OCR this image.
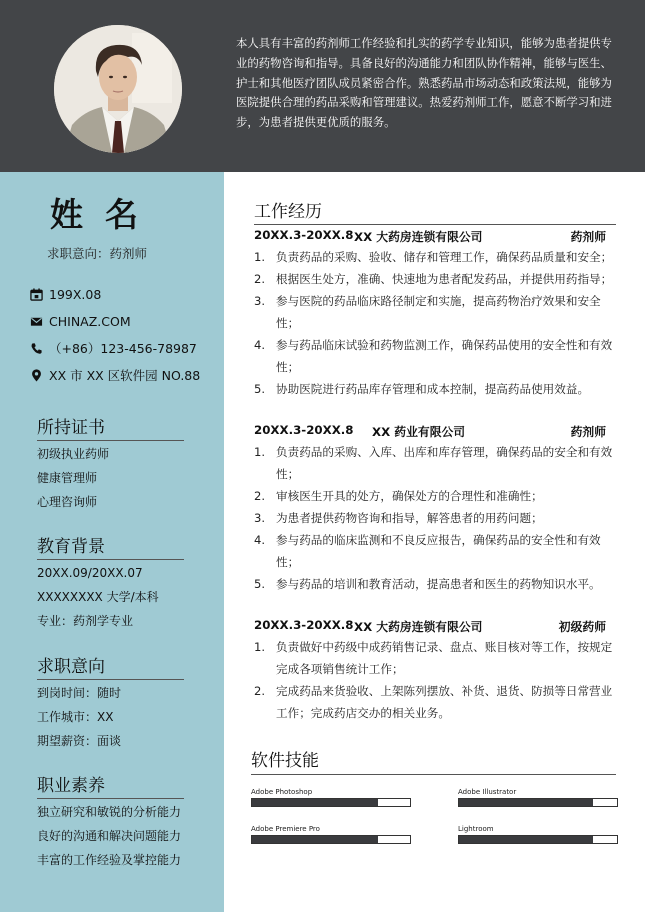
本人具有丰富的药剂师工作经验和扎实的药学专业知识，能够为患者提供专业的药物咨询和指导。具备良好的沟通能力和团队协作精神，能够与医生、护士和其他医疗团队成员紧密合作。熟悉药品市场动态和政策法规，能够为医院提供合理的药品采购和管理建议。热爱药剂师工作，愿意不断学习和进步，为患者提供更优质的服务。

姓名
求职意向：药剂师
199X.08
CHINAZ.COM
（+86）123-456-78987
XX 市 XX 区软件园 NO.88
所持证书
初级执业药师
健康管理师
心理咨询师
教育背景
20XX.09/20XX.07
XXXXXXXX 大学/本科
专业：药剂学专业
求职意向
到岗时间：随时
工作城市：XX
期望薪资：面谈
职业素养
独立研究和敏锐的分析能力
良好的沟通和解决问题能力
丰富的工作经验及掌控能力
工作经历
20XX.3-20XX.8 XX 大药房连锁有限公司	药剂师
1. 负责药品的采购、验收、储存和管理工作，确保药品质量和安全；
2. 根据医生处方，准确、快速地为患者配发药品，并提供用药指导；
3. 参与医院的药品临床路径制定和实施，提高药物治疗效果和安全性；
4. 参与药品临床试验和药物监测工作，确保药品使用的安全性和有效性；
5. 协助医院进行药品库存管理和成本控制，提高药品使用效益。
20XX.3-20XX.8 XX 药业有限公司	药剂师
1. 负责药品的采购、入库、出库和库存管理，确保药品的安全和有效性；
2. 审核医生开具的处方，确保处方的合理性和准确性；
3. 为患者提供药物咨询和指导，解答患者的用药问题；
4. 参与药品的临床监测和不良反应报告，确保药品的安全性和有效性；
5. 参与药品的培训和教育活动，提高患者和医生的药物知识水平。
20XX.3-20XX.8 XX 大药房连锁有限公司	初级药师
1. 负责做好中药级中成药销售记录、盘点、账目核对等工作，按规定完成各项销售统计工作；
2. 完成药品来货验收、上架陈列摆放、补货、退货、防损等日常营业工作；完成药店交办的相关业务。
软件技能
Adobe Photoshop	Adobe Illustrator
Adobe Premiere Pro	Lightroom
